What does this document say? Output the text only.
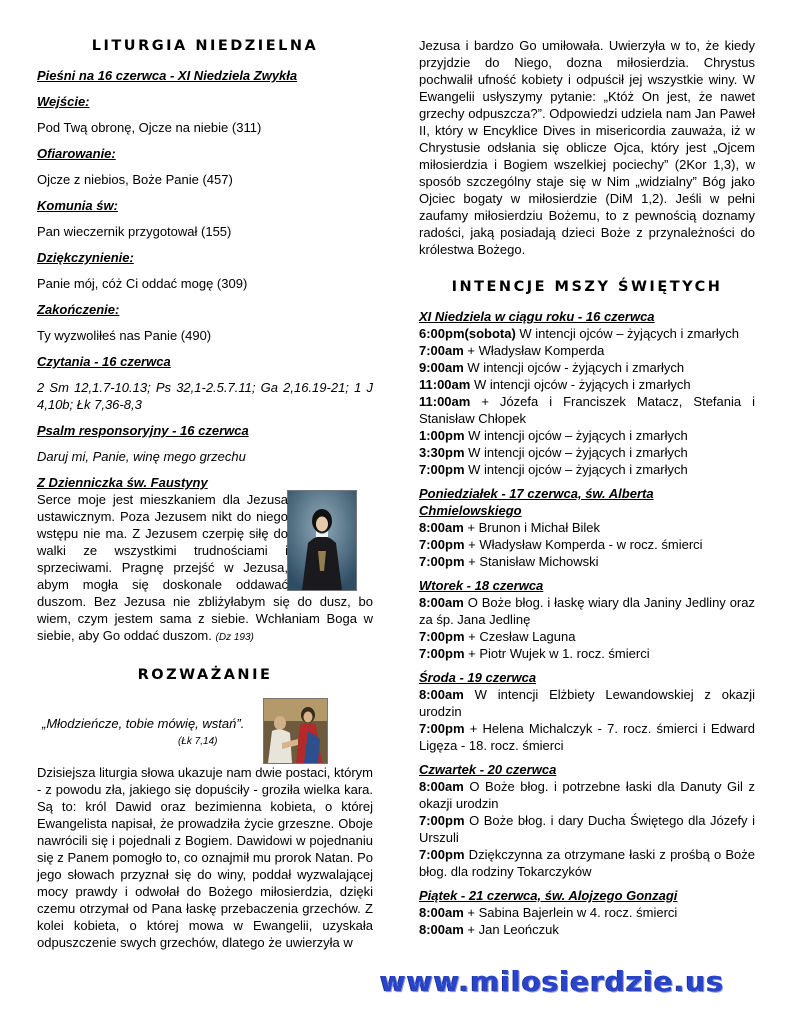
LITURGIA NIEDZIELNA

Pieśni na 16 czerwca - XI Niedziela Zwykła

Wejście:

Pod Twą obronę, Ojcze na niebie (311)

Ofiarowanie:

Ojcze z niebios, Boże Panie (457)

Komunia św:

Pan wieczernik przygotował (155)

Dziękczynienie:

Panie mój, cóż Ci oddać mogę (309)

Zakończenie:

Ty wyzwoliłeś nas Panie (490)

Czytania - 16 czerwca

2 Sm 12,1.7-10.13; Ps 32,1-2.5.7.11; Ga 2,16.19-21; 1 J 4,10b; Łk 7,36-8,3

Psalm responsoryjny - 16 czerwca

Daruj mi, Panie, winę mego grzechu

Z Dzienniczka św. Faustyny

Serce moje jest mieszkaniem dla Jezusa ustawicznym. Poza Jezusem nikt do niego wstępu nie ma. Z Jezusem czerpię siłę do walki ze wszystkimi trudnościami i sprzeciwami. Pragnę przejść w Jezusa, abym mogła się doskonale oddawać duszom. Bez Jezusa nie zbliżyłabym się do dusz, bo wiem, czym jestem sama z siebie. Wchłaniam Boga w siebie, aby Go oddać duszom. (Dz 193)

ROZWAŻANIE

„Młodzieńcze, tobie mówię, wstań”.

(Łk 7,14)

Dzisiejsza liturgia słowa ukazuje nam dwie postaci, którym - z powodu zła, jakiego się dopuściły - groziła wielka kara. Są to: król Dawid oraz bezimienna kobieta, o której Ewangelista napisał, że prowadziła życie grzeszne. Oboje nawrócili się i pojednali z Bogiem. Dawidowi w pojednaniu się z Panem pomogło to, co oznajmił mu prorok Natan. Po jego słowach przyznał się do winy, poddał wyzwalającej mocy prawdy i odwołał do Bożego miłosierdzia, dzięki czemu otrzymał od Pana łaskę przebaczenia grzechów. Z kolei kobieta, o której mowa w Ewangelii, uzyskała odpuszczenie swych grzechów, dlatego że uwierzyła w

Jezusa i bardzo Go umiłowała. Uwierzyła w to, że kiedy przyjdzie do Niego, dozna miłosierdzia. Chrystus pochwalił ufność kobiety i odpuścił jej wszystkie winy. W Ewangelii usłyszymy pytanie: „Któż On jest, że nawet grzechy odpuszcza?”. Odpowiedzi udziela nam Jan Paweł II, który w Encyklice Dives in misericordia zauważa, iż w Chrystusie odsłania się oblicze Ojca, który jest „Ojcem miłosierdzia i Bogiem wszelkiej pociechy” (2Kor 1,3), w sposób szczególny staje się w Nim „widzialny” Bóg jako Ojciec bogaty w miłosierdzie (DiM 1,2). Jeśli w pełni zaufamy miłosierdziu Bożemu, to z pewnością doznamy radości, jaką posiadają dzieci Boże z przynależności do królestwa Bożego.

INTENCJE MSZY ŚWIĘTYCH

XI Niedziela w ciągu roku - 16 czerwca

6:00pm(sobota) W intencji ojców – żyjących i zmarłych

7:00am + Władysław Komperda

9:00am W intencji ojców - żyjących i zmarłych

11:00am W intencji ojców - żyjących i zmarłych

11:00am + Józefa i Franciszek Matacz, Stefania i Stanisław Chłopek

1:00pm W intencji ojców – żyjących i zmarłych

3:30pm W intencji ojców – żyjących i zmarłych

7:00pm W intencji ojców – żyjących i zmarłych

Poniedziałek - 17 czerwca, św. Alberta Chmielowskiego

8:00am + Brunon i Michał Bilek

7:00pm + Władysław Komperda - w rocz. śmierci

7:00pm + Stanisław Michowski

Wtorek - 18 czerwca

8:00am O Boże błog. i łaskę wiary dla Janiny Jedliny oraz za śp. Jana Jedlinę

7:00pm + Czesław Laguna

7:00pm + Piotr Wujek w 1. rocz. śmierci

Środa - 19 czerwca

8:00am W intencji Elżbiety Lewandowskiej z okazji urodzin

7:00pm + Helena Michalczyk - 7. rocz. śmierci i Edward Ligęza - 18. rocz. śmierci

Czwartek - 20 czerwca

8:00am O Boże błog. i potrzebne łaski dla Danuty Gil z okazji urodzin

7:00pm O Boże błog. i dary Ducha Świętego dla Józefy i Urszuli

7:00pm Dziękczynna za otrzymane łaski z prośbą o Boże błog. dla rodziny Tokarczyków

Piątek - 21 czerwca, św. Alojzego Gonzagi

8:00am + Sabina Bajerlein w 4. rocz. śmierci

8:00am + Jan Leończuk

www.milosierdzie.us
